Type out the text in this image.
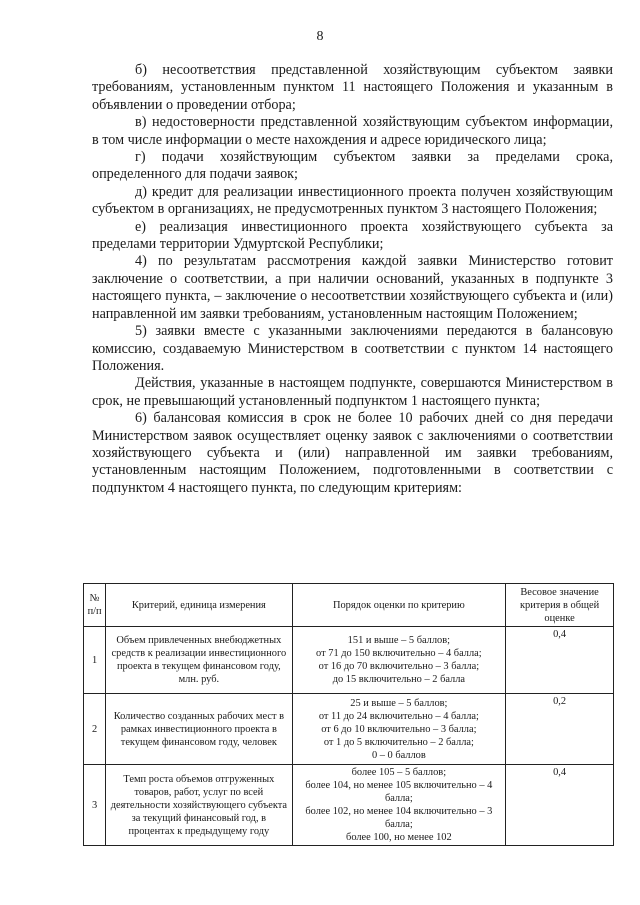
8

б) несоответствия представленной хозяйствующим субъектом заявки требованиям, установленным пунктом 11 настоящего Положения и указанным в объявлении о проведении отбора;

в) недостоверности представленной хозяйствующим субъектом информации, в том числе информации о месте нахождения и адресе юридического лица;

г) подачи хозяйствующим субъектом заявки за пределами срока, определенного для подачи заявок;

д) кредит для реализации инвестиционного проекта получен хозяйствующим субъектом в организациях, не предусмотренных пунктом 3 настоящего Положения;

е) реализация инвестиционного проекта хозяйствующего субъекта за пределами территории Удмуртской Республики;

4) по результатам рассмотрения каждой заявки Министерство готовит заключение о соответствии, а при наличии оснований, указанных в подпункте 3 настоящего пункта, – заключение о несоответствии хозяйствующего субъекта и (или) направленной им заявки требованиям, установленным настоящим Положением;

5) заявки вместе с указанными заключениями передаются в балансовую комиссию, создаваемую Министерством в соответствии с пунктом 14 настоящего Положения.

Действия, указанные в настоящем подпункте, совершаются Министерством в срок, не превышающий установленный подпунктом 1 настоящего пункта;

6) балансовая комиссия в срок не более 10 рабочих дней со дня передачи Министерством заявок осуществляет оценку заявок с заключениями о соответствии хозяйствующего субъекта и (или) направленной им заявки требованиям, установленным настоящим Положением, подготовленными в соответствии с подпунктом 4 настоящего пункта, по следующим критериям:

№ п/п	Критерий, единица измерения	Порядок оценки по критерию	Весовое значение критерия в общей оценке
1	Объем привлеченных внебюджетных средств к реализации инвестиционного проекта в текущем финансовом году, млн. руб.	151 и выше – 5 баллов;
от 71 до 150 включительно – 4 балла;
от 16 до 70 включительно – 3 балла;
до 15 включительно – 2 балла	0,4
2	Количество созданных рабочих мест в рамках инвестиционного проекта в текущем финансовом году, человек	25 и выше – 5 баллов;
от 11 до 24 включительно – 4 балла;
от 6 до 10 включительно – 3 балла;
от 1 до 5 включительно – 2 балла;
0 – 0 баллов	0,2
3	Темп роста объемов отгруженных товаров, работ, услуг по всей деятельности хозяйствующего субъекта за текущий финансовый год, в процентах к предыдущему году	более 105 – 5 баллов;
более 104, но менее 105 включительно – 4 балла;
более 102, но менее 104 включительно – 3 балла;
более 100, но менее 102	0,4
